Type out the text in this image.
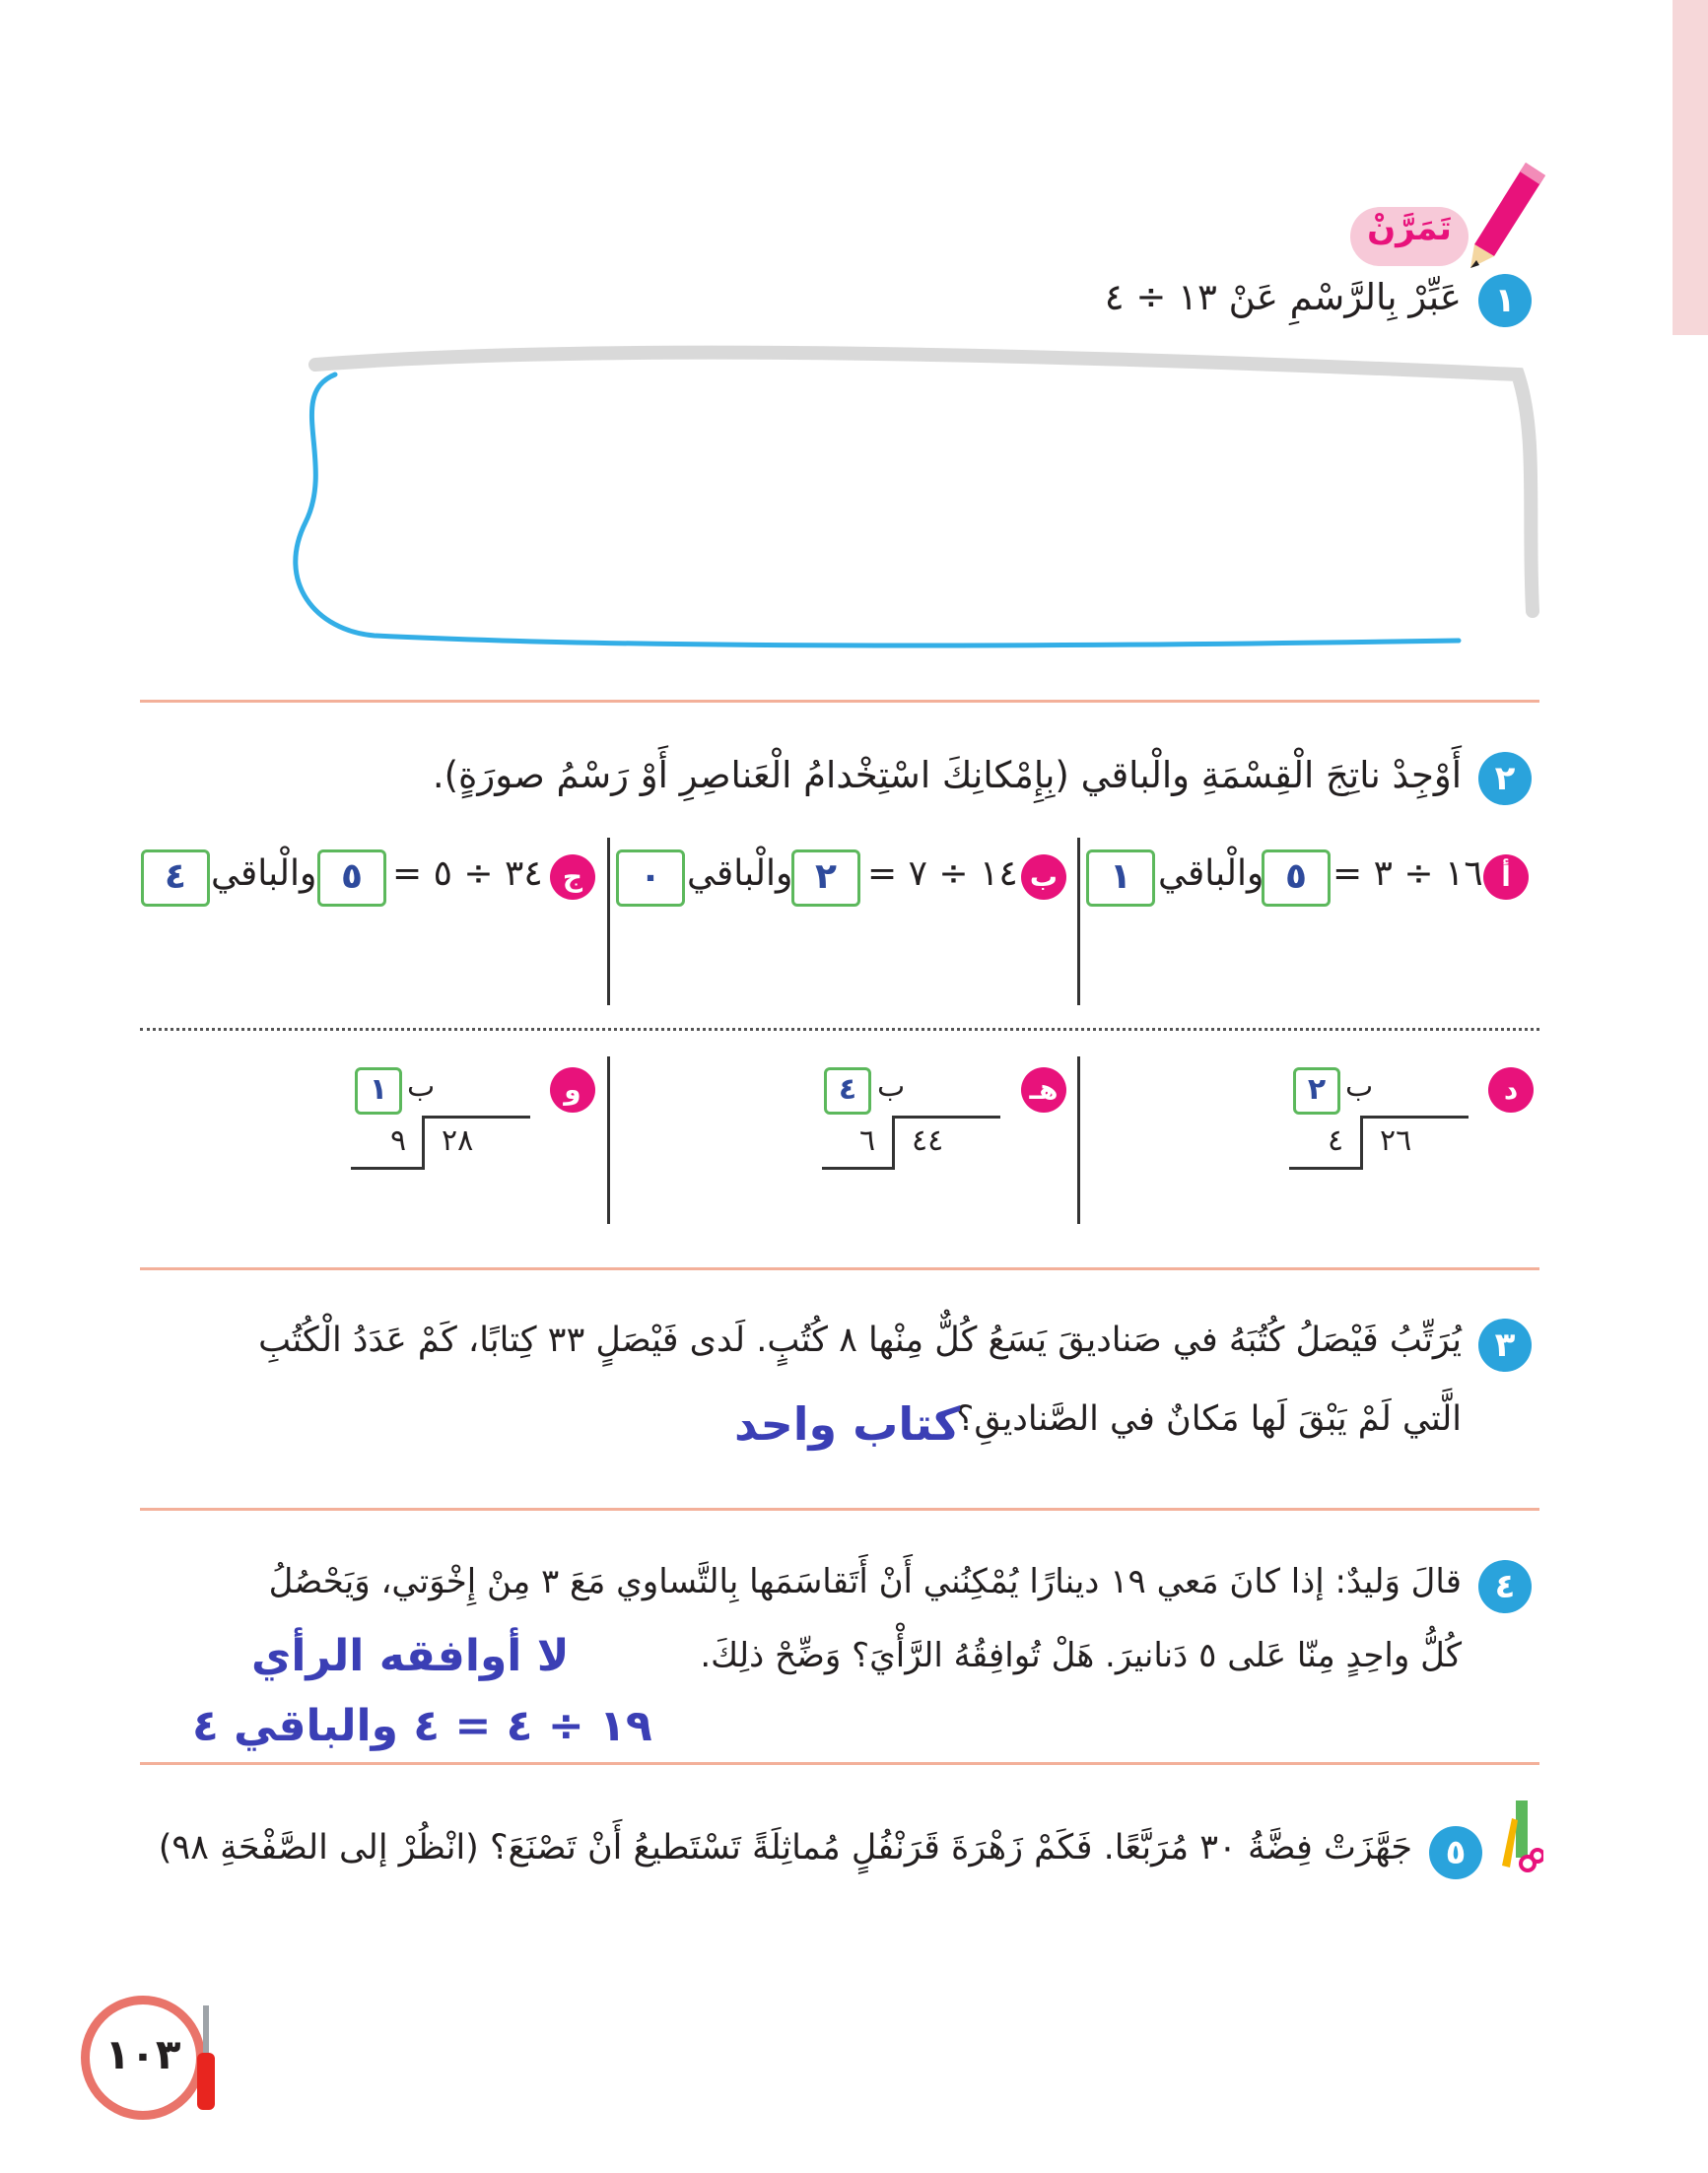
تَمَرَّنْ
١
عَبِّرْ بِالرَّسْمِ عَنْ ١٣ ÷ ٤
٢
أَوْجِدْ ناتِجَ الْقِسْمَةِ والْباقي (بِإِمْكانِكَ اسْتِخْدامُ الْعَناصِرِ أَوْ رَسْمُ صورَةٍ).
أ
١٦ ÷ ٣ =
٥
والْباقي
١
ب
١٤ ÷ ٧ =
٢
والْباقي
٠
ج
٣٤ ÷ ٥ =
٥
والْباقي
٤
د
ب
٢
٢٦
٤
هـ
ب
٤
٤٤
٦
و
ب
١
٢٨
٩
٣
يُرَتِّبُ فَيْصَلُ كُتُبَهُ في صَناديقَ يَسَعُ كُلٌّ مِنْها ٨ كُتُبٍ. لَدى فَيْصَلٍ ٣٣ كِتابًا، كَمْ عَدَدُ الْكُتُبِ
الَّتي لَمْ يَبْقَ لَها مَكانٌ في الصَّناديقِ؟
كتاب واحد
٤
قالَ وَليدٌ: إذا كانَ مَعي ١٩ دينارًا يُمْكِنُني أَنْ أَتَقاسَمَها بِالتَّساوي مَعَ ٣ مِنْ إِخْوَتي، وَيَحْصُلُ
كُلُّ واحِدٍ مِنّا عَلى ٥ دَنانيرَ. هَلْ تُوافِقُهُ الرَّأْيَ؟ وَضِّحْ ذلِكَ.
لا أوافقه الرأي
١٩ ÷ ٤ = ٤ والباقي ٤
٥
جَهَّزَتْ فِضَّةُ ٣٠ مُرَبَّعًا. فَكَمْ زَهْرَةَ قَرَنْفُلٍ مُماثِلَةً تَسْتَطيعُ أَنْ تَصْنَعَ؟ (انْظُرْ إلى الصَّفْحَةِ ٩٨)
١٠٣
